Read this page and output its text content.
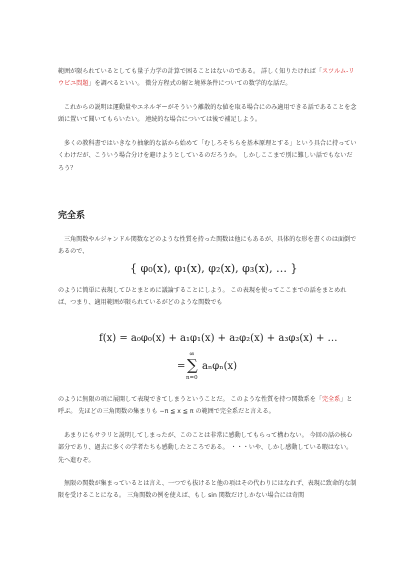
範囲が限られているとしても量子力学の計算で困ることはないのである。 詳しく知りたければ「スツルム-リウビユ問題」を調べるといい。 微分方程式の解と境界条件についての数学的な話だ。

これからの説明は運動量やエネルギーがそういう離散的な値を取る場合にのみ適用できる話であることを念頭に置いて聞いてもらいたい。 連続的な場合については後で補足しよう。

多くの教科書ではいきなり抽象的な話から始めて「むしろそちらを基本原理とする」という具合に持っていくわけだが、こういう場合分けを避けようとしているのだろうか。 しかしここまで別に難しい話でもないだろう？

完全系

三角関数やルジャンドル関数などのような性質を持った関数は他にもあるが、具体的な形を書くのは面倒であるので、

{ φ₀(x), φ₁(x), φ₂(x), φ₃(x), … }

のように簡単に表現してひとまとめに議論することにしよう。 この表現を使ってここまでの話をまとめれば、つまり、適用範囲が限られているがどのような関数でも

f(x) = a₀φ₀(x) + a₁φ₁(x) + a₂φ₂(x) + a₃φ₃(x) + …
=
∞
∑
n=0
aₙφₙ(x)

のように無限の項に展開して表現できてしまうということだ。 このような性質を持つ関数系を「完全系」と呼ぶ。 先ほどの三角関数の集まりも −π ≦ x ≦ π の範囲で完全系だと言える。

あまりにもサラリと説明してしまったが、このことは非常に感動してもらって構わない。 今回の話の核心部分であり、過去に多くの学者たちも感動したところである。 ・・・いや、しかし感動している暇はない。 先へ進むぞ。

無限の関数が集まっているとは言え、一つでも抜けると他の項はその代わりにはなれず、表現に致命的な制限を受けることになる。 三角関数の例を使えば、もし sin 関数だけしかない場合には奇関
